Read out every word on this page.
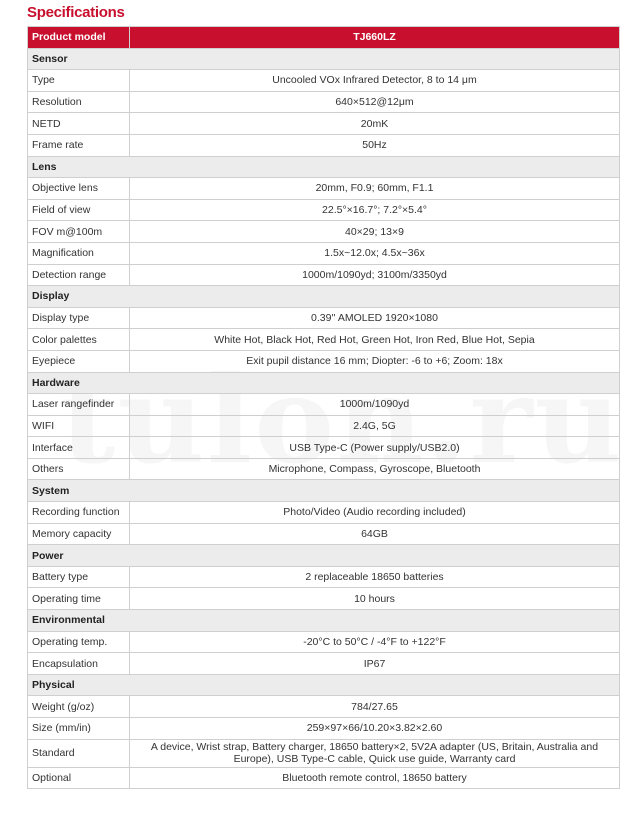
Specifications
Product model	TJ660LZ
Sensor	
Type	Uncooled VOx Infrared Detector, 8 to 14 μm
Resolution	640×512@12μm
NETD	20mK
Frame rate	50Hz
Lens	
Objective lens	20mm, F0.9; 60mm, F1.1
Field of view	22.5°×16.7°; 7.2°×5.4°
FOV m@100m	40×29; 13×9
Magnification	1.5x~12.0x; 4.5x~36x
Detection range	1000m/1090yd; 3100m/3350yd
Display	
Display type	0.39'' AMOLED 1920×1080
Color palettes	White Hot, Black Hot, Red Hot, Green Hot, Iron Red, Blue Hot, Sepia
Eyepiece	Exit pupil distance 16 mm; Diopter: -6 to +6; Zoom: 18x
Hardware	
Laser rangefinder	1000m/1090yd
WIFI	2.4G, 5G
Interface	USB Type-C (Power supply/USB2.0)
Others	Microphone, Compass, Gyroscope, Bluetooth
System	
Recording function	Photo/Video (Audio recording included)
Memory capacity	64GB
Power	
Battery type	2 replaceable 18650 batteries
Operating time	10 hours
Environmental	
Operating temp.	-20°C to 50°C / -4°F to +122°F
Encapsulation	IP67
Physical	
Weight (g/oz)	784/27.65
Size (mm/in)	259×97×66/10.20×3.82×2.60
Standard	A device, Wrist strap, Battery charger, 18650 battery×2, 5V2A adapter (US, Britain, Australia and Europe), USB Type-C cable, Quick use guide, Warranty card
Optional	Bluetooth remote control, 18650 battery
